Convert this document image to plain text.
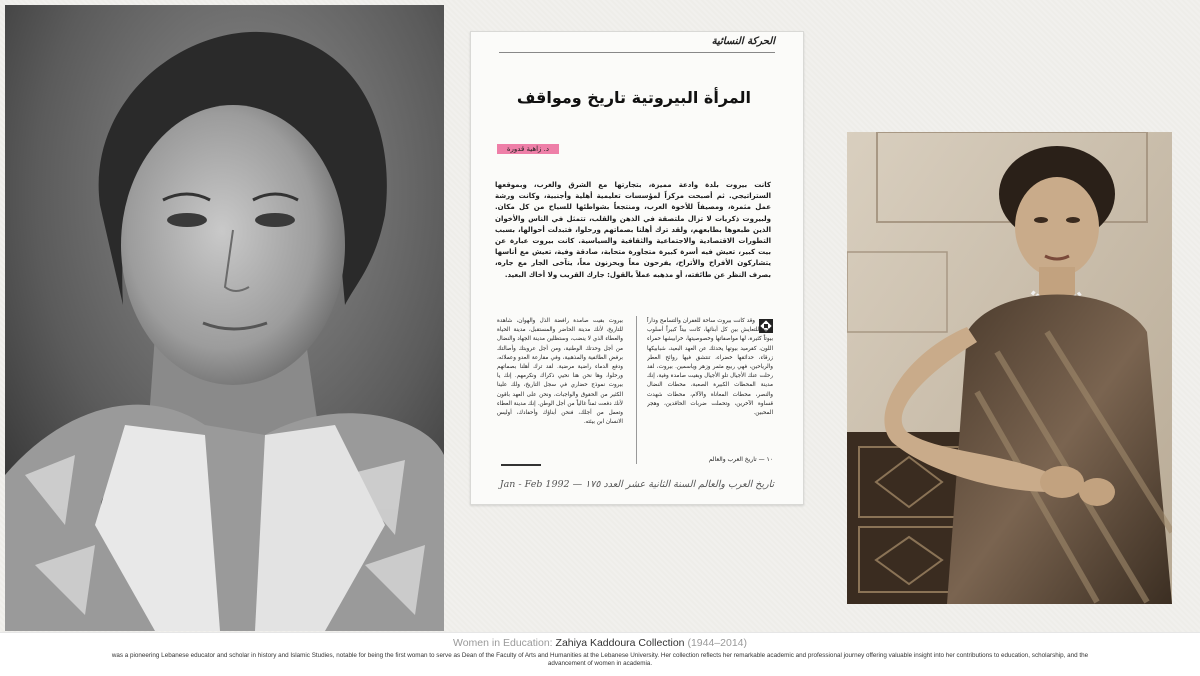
الحركة النسائية
المرأة البيروتية تاريخ ومواقف
د. زاهية قدورة
كانت بيروت بلدة وادعة مميزة، بتجارتها مع الشرق والغرب، وبموقعها الستراتيجي. ثم أصبحت مركزاً لمؤسسات تعليمية أهلية وأجنبية، وكانت ورشة عمل مثمرة، ومصيفاً للأخوة العرب، ومنتجعاً بشواطئها للسياح من كل مكان. ولبيروت ذكريات لا تزال ملتصقة في الذهن والقلب، تتمثل في الناس والأخوان الذين طبعوها بطابعهم، ولقد ترك أهلنا بصماتهم ورحلوا، فتبدلت أحوالها، بسبب التطورات الاقتصادية والاجتماعية والثقافية والسياسية. كانت بيروت عبارة عن بيت كبير، تعيش فيه أسرة كبيرة متجاورة متحابة، صادقة وفية، تعيش مع أناسها يتشاركون الأفراح والأتراح، يفرحون معاً ويحزنون معاً، يتآخى الجار مع جاره، بصرف النظر عن طائفته، أو مذهبه عملاً بالقول: جارك القريب ولا أخاك البعيد.
وقد كانت بيروت ساحة للغفران والتسامح وداراً رحبة للتعايش بين كل أبنائها، كانت بيتاً كبيراً أسلوب بيوتاً كثيرة، لها مواصفاتها وخصوصيتها، خرابيشها حمراء اللون، كقرميد بيوتها يحدثك عن العهد البعيد، شبابيكها زرقاء، حدائقها خضراء، تنتشق فيها روائح العطر والرياحين، فهي ربيع مثمر وزهر وياسمين. بيروت، لقد رحلت عنك الأجيال تلو الأجيال وبقيت صامدة وفية، إنك مدينة المحطات الكبيرة الصعبة، محطات النضال والنصر، محطات المعاناة والآلام، محطات شهدت قساوة الآخرين، وتحملت ضربات الحاقدين، وهجر المحبين.
بيروت بقيت صامدة رافضة الذل والهوان، شاهدة للتاريخ، لأنك مدينة الحاضر والمستقبل، مدينة الحياة والعطاء الذي لا ينضب، وستظلين مدينة الجهاد والنضال من أجل وحدتك الوطنية، ومن أجل عروبتك وأصالتك برفض الطائفية والمذهبية، وفي مقارعة العدو وعملائه، ودفع الدماء راضية مرضية. لقد ترك أهلنا بصماتهم ورحلوا، وها نحن هنا نحيي ذكراك ونكرمهم. إنك يا بيروت نموذج حضاري في سجل التاريخ، ولك علينا الكثير من الحقوق والواجبات، ونحن على العهد باقون لأنك دفعت ثمناً غالياً من أجل الوطن. إنك مدينة العطاء وتعمل من أجلك، فنحن أبناؤك وأحفادك، أوليس الانسان ابن بيئته.
١٠ — تاريخ العرب والعالم
تاريخ العرب والعالم السنة الثانية عشر العدد ١٧٥ — Jan - Feb 1992
Women in Education: Zahiya Kaddoura Collection (1944–2014)
was a pioneering Lebanese educator and scholar in history and Islamic Studies, notable for being the first woman to serve as Dean of the Faculty of Arts and Humanities at the Lebanese University. Her collection reflects her remarkable academic and professional journey offering valuable insight into her contributions to education, scholarship, and the advancement of women in academia.
